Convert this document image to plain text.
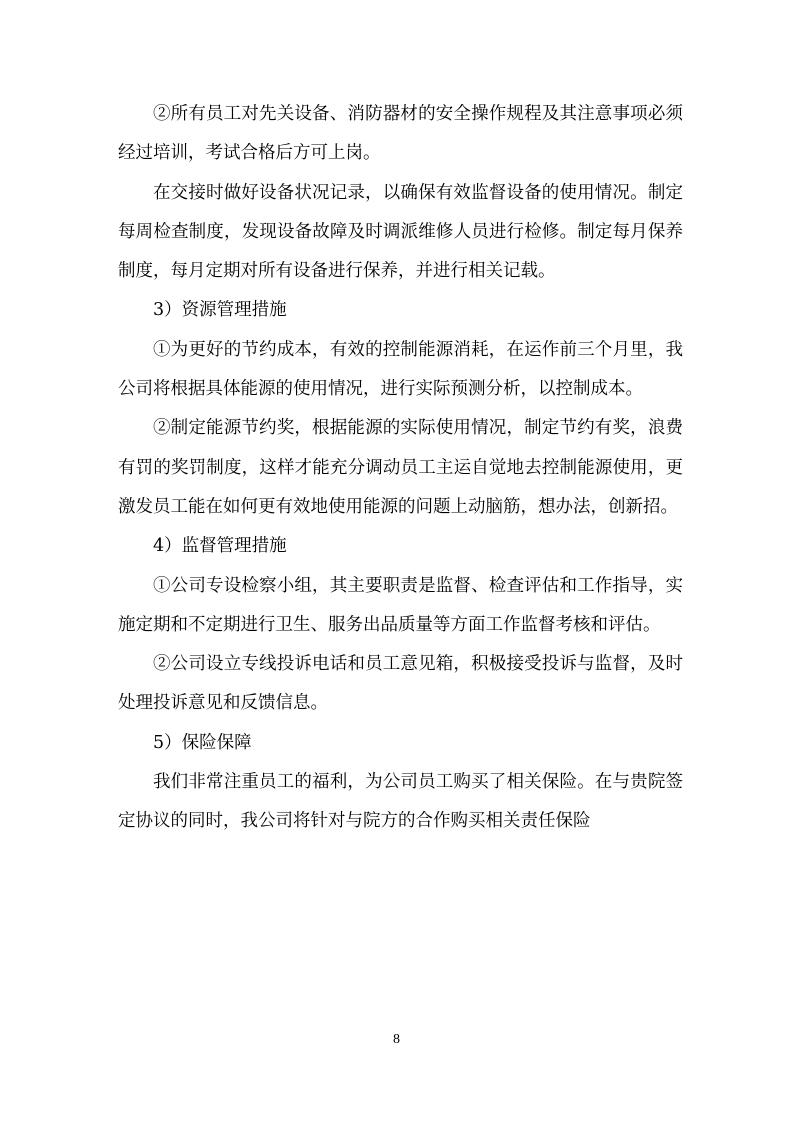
②所有员工对先关设备、消防器材的安全操作规程及其注意事项必须经过培训，考试合格后方可上岗。

在交接时做好设备状况记录，以确保有效监督设备的使用情况。制定每周检查制度，发现设备故障及时调派维修人员进行检修。制定每月保养制度，每月定期对所有设备进行保养，并进行相关记载。

3）资源管理措施

①为更好的节约成本，有效的控制能源消耗，在运作前三个月里，我公司将根据具体能源的使用情况，进行实际预测分析，以控制成本。

②制定能源节约奖，根据能源的实际使用情况，制定节约有奖，浪费有罚的奖罚制度，这样才能充分调动员工主运自觉地去控制能源使用，更激发员工能在如何更有效地使用能源的问题上动脑筋，想办法，创新招。

4）监督管理措施

①公司专设检察小组，其主要职责是监督、检查评估和工作指导，实施定期和不定期进行卫生、服务出品质量等方面工作监督考核和评估。

②公司设立专线投诉电话和员工意见箱，积极接受投诉与监督，及时处理投诉意见和反馈信息。

5）保险保障

我们非常注重员工的福利，为公司员工购买了相关保险。在与贵院签定协议的同时，我公司将针对与院方的合作购买相关责任保险

8
